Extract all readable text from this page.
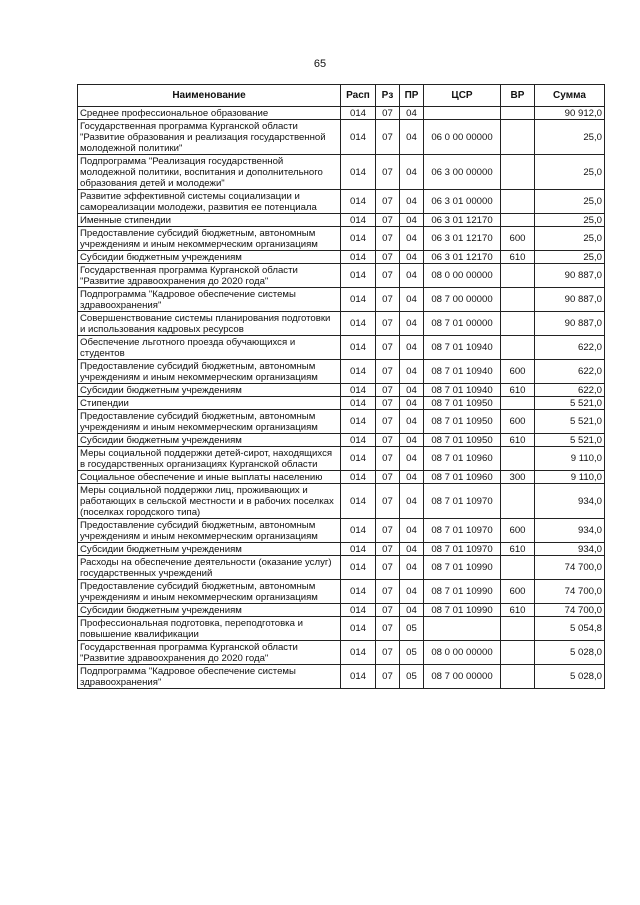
65
Наименование	Расп	Рз	ПР	ЦСР	ВР	Сумма
Среднее профессиональное образование	014	07	04			90 912,0
Государственная программа Курганской области "Развитие образования и реализация государственной молодежной политики"	014	07	04	06 0 00 00000		25,0
Подпрограмма "Реализация государственной молодежной политики, воспитания и дополнительного образования детей и молодежи"	014	07	04	06 3 00 00000		25,0
Развитие эффективной системы социализации и самореализации молодежи, развития ее потенциала	014	07	04	06 3 01 00000		25,0
Именные стипендии	014	07	04	06 3 01 12170		25,0
Предоставление субсидий бюджетным, автономным учреждениям и иным некоммерческим организациям	014	07	04	06 3 01 12170	600	25,0
Субсидии бюджетным учреждениям	014	07	04	06 3 01 12170	610	25,0
Государственная программа Курганской области "Развитие здравоохранения до 2020 года"	014	07	04	08 0 00 00000		90 887,0
Подпрограмма "Кадровое обеспечение системы здравоохранения"	014	07	04	08 7 00 00000		90 887,0
Совершенствование системы планирования подготовки и использования кадровых ресурсов	014	07	04	08 7 01 00000		90 887,0
Обеспечение льготного проезда обучающихся и студентов	014	07	04	08 7 01 10940		622,0
Предоставление субсидий бюджетным, автономным учреждениям и иным некоммерческим организациям	014	07	04	08 7 01 10940	600	622,0
Субсидии бюджетным учреждениям	014	07	04	08 7 01 10940	610	622,0
Стипендии	014	07	04	08 7 01 10950		5 521,0
Предоставление субсидий бюджетным, автономным учреждениям и иным некоммерческим организациям	014	07	04	08 7 01 10950	600	5 521,0
Субсидии бюджетным учреждениям	014	07	04	08 7 01 10950	610	5 521,0
Меры социальной поддержки детей-сирот, находящихся в государственных организациях Курганской области	014	07	04	08 7 01 10960		9 110,0
Социальное обеспечение и иные выплаты населению	014	07	04	08 7 01 10960	300	9 110,0
Меры социальной поддержки лиц, проживающих и работающих в сельской местности и в рабочих поселках (поселках городского типа)	014	07	04	08 7 01 10970		934,0
Предоставление субсидий бюджетным, автономным учреждениям и иным некоммерческим организациям	014	07	04	08 7 01 10970	600	934,0
Субсидии бюджетным учреждениям	014	07	04	08 7 01 10970	610	934,0
Расходы на обеспечение деятельности (оказание услуг) государственных учреждений	014	07	04	08 7 01 10990		74 700,0
Предоставление субсидий бюджетным, автономным учреждениям и иным некоммерческим организациям	014	07	04	08 7 01 10990	600	74 700,0
Субсидии бюджетным учреждениям	014	07	04	08 7 01 10990	610	74 700,0
Профессиональная подготовка, переподготовка и повышение квалификации	014	07	05			5 054,8
Государственная программа Курганской области "Развитие здравоохранения до 2020 года"	014	07	05	08 0 00 00000		5 028,0
Подпрограмма "Кадровое обеспечение системы здравоохранения"	014	07	05	08 7 00 00000		5 028,0
